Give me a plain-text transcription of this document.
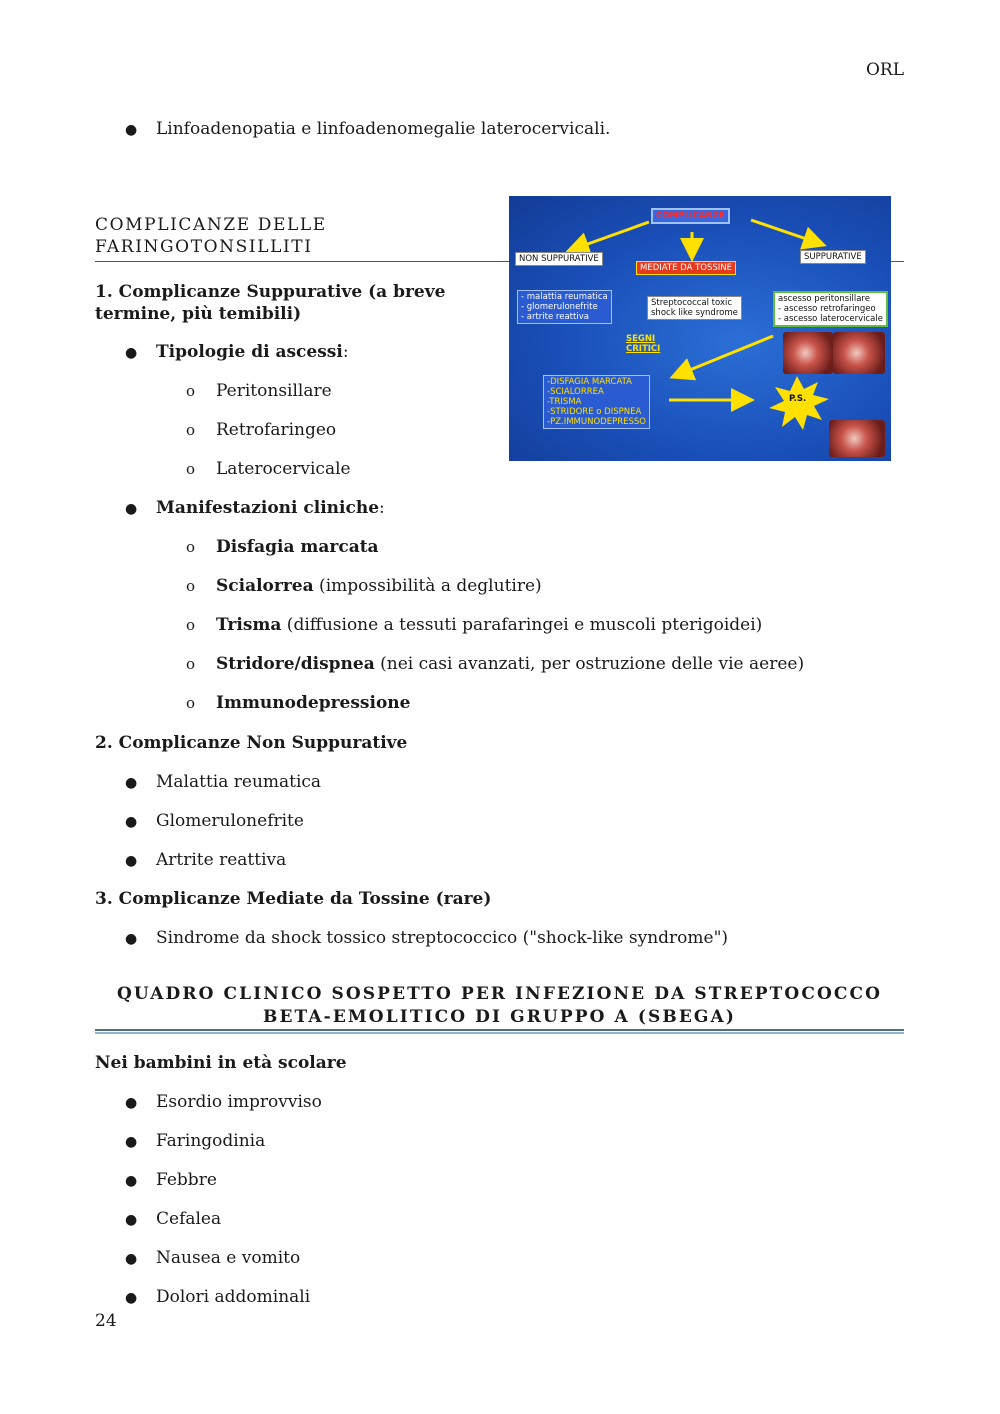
ORL
● Linfoadenopatia e linfoadenomegalie laterocervicali.
COMPLICANZE DELLE
FARINGOTONSILLITI
COMPLICANZE
NON SUPPURATIVE
MEDIATE DA TOSSINE
SUPPURATIVE
- malattia reumatica
- glomerulonefrite
- artrite reattiva
Streptococcal toxic
shock like syndrome
ascesso peritonsillare
- ascesso retrofaringeo
- ascesso laterocervicale
SEGNI
CRITICI
-DISFAGIA MARCATA
-SCIALORREA
-TRISMA
-STRIDORE o DISPNEA
-PZ.IMMUNODEPRESSO
P.S.
1. Complicanze Suppurative (a breve
termine, più temibili)
● Tipologie di ascessi:
o Peritonsillare
o Retrofaringeo
o Laterocervicale
● Manifestazioni cliniche:
o Disfagia marcata
o Scialorrea (impossibilità a deglutire)
o Trisma (diffusione a tessuti parafaringei e muscoli pterigoidei)
o Stridore/dispnea (nei casi avanzati, per ostruzione delle vie aeree)
o Immunodepressione
2. Complicanze Non Suppurative
● Malattia reumatica
● Glomerulonefrite
● Artrite reattiva
3. Complicanze Mediate da Tossine (rare)
● Sindrome da shock tossico streptococcico ("shock-like syndrome")
QUADRO CLINICO SOSPETTO PER INFEZIONE DA STREPTOCOCCO
BETA-EMOLITICO DI GRUPPO A (SBEGA)
Nei bambini in età scolare
● Esordio improvviso
● Faringodinia
● Febbre
● Cefalea
● Nausea e vomito
● Dolori addominali
24
